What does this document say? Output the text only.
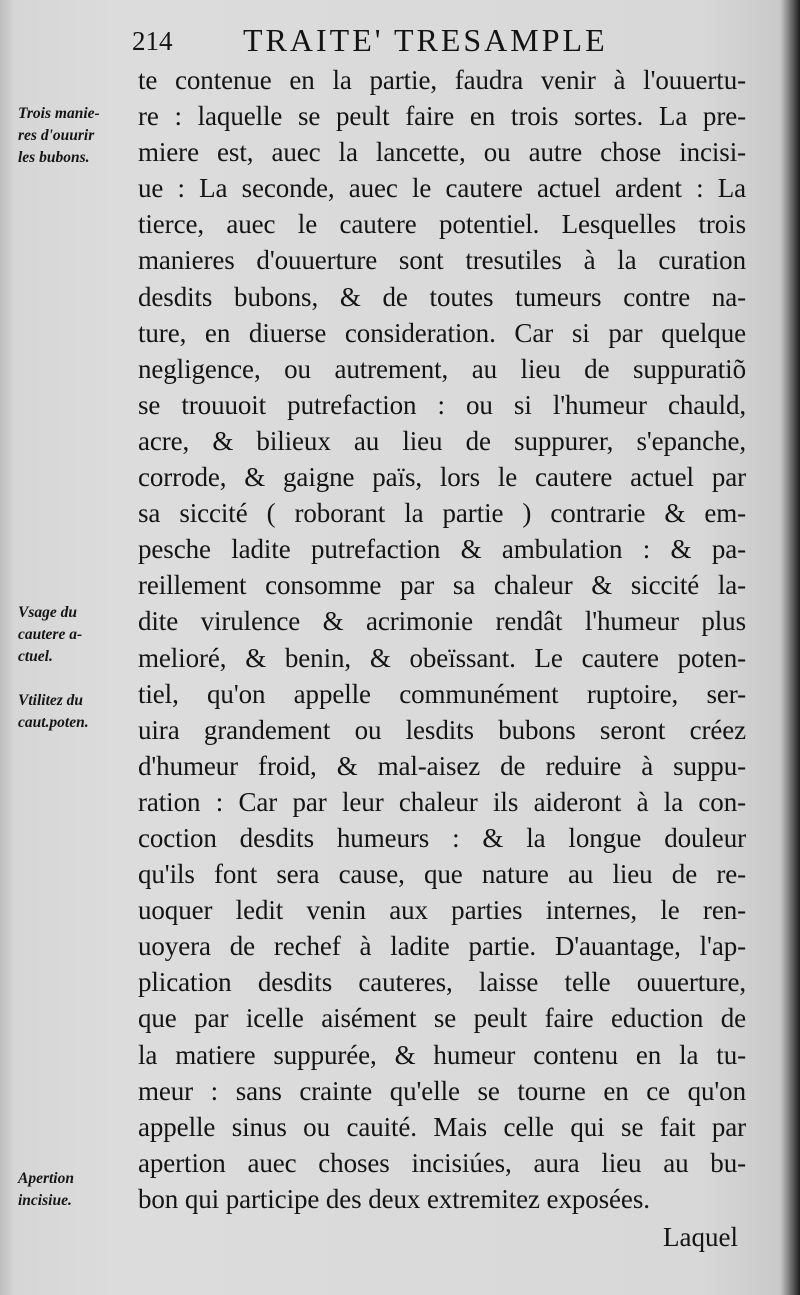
214 TRAITE' TRESAMPLE
Trois manie-
res d'ouurir
les bubons.
Vsage du
cautere a-
ctuel.
Vtilitez du
caut.poten.
Apertion
incisiue.
te contenue en la partie, faudra venir à l'ouuertu-
re : laquelle se peult faire en trois sortes. La pre-
miere est, auec la lancette, ou autre chose incisi-
ue : La seconde, auec le cautere actuel ardent : La
tierce, auec le cautere potentiel. Lesquelles trois
manieres d'ouuerture sont tresutiles à la curation
desdits bubons, & de toutes tumeurs contre na-
ture, en diuerse consideration. Car si par quelque
negligence, ou autrement, au lieu de suppuratiõ
se trouuoit putrefaction : ou si l'humeur chauld,
acre, & bilieux au lieu de suppurer, s'epanche,
corrode, & gaigne païs, lors le cautere actuel par
sa siccité ( roborant la partie ) contrarie & em-
pesche ladite putrefaction & ambulation : & pa-
reillement consomme par sa chaleur & siccité la-
dite virulence & acrimonie rendât l'humeur plus
melioré, & benin, & obeïssant. Le cautere poten-
tiel, qu'on appelle communément ruptoire, ser-
uira grandement ou lesdits bubons seront créez
d'humeur froid, & mal-aisez de reduire à suppu-
ration : Car par leur chaleur ils aideront à la con-
coction desdits humeurs : & la longue douleur
qu'ils font sera cause, que nature au lieu de re-
uoquer ledit venin aux parties internes, le ren-
uoyera de rechef à ladite partie. D'auantage, l'ap-
plication desdits cauteres, laisse telle ouuerture,
que par icelle aisément se peult faire eduction de
la matiere suppurée, & humeur contenu en la tu-
meur : sans crainte qu'elle se tourne en ce qu'on
appelle sinus ou cauité. Mais celle qui se fait par
apertion auec choses incisiúes, aura lieu au bu-
bon qui participe des deux extremitez exposées.
Laquel
